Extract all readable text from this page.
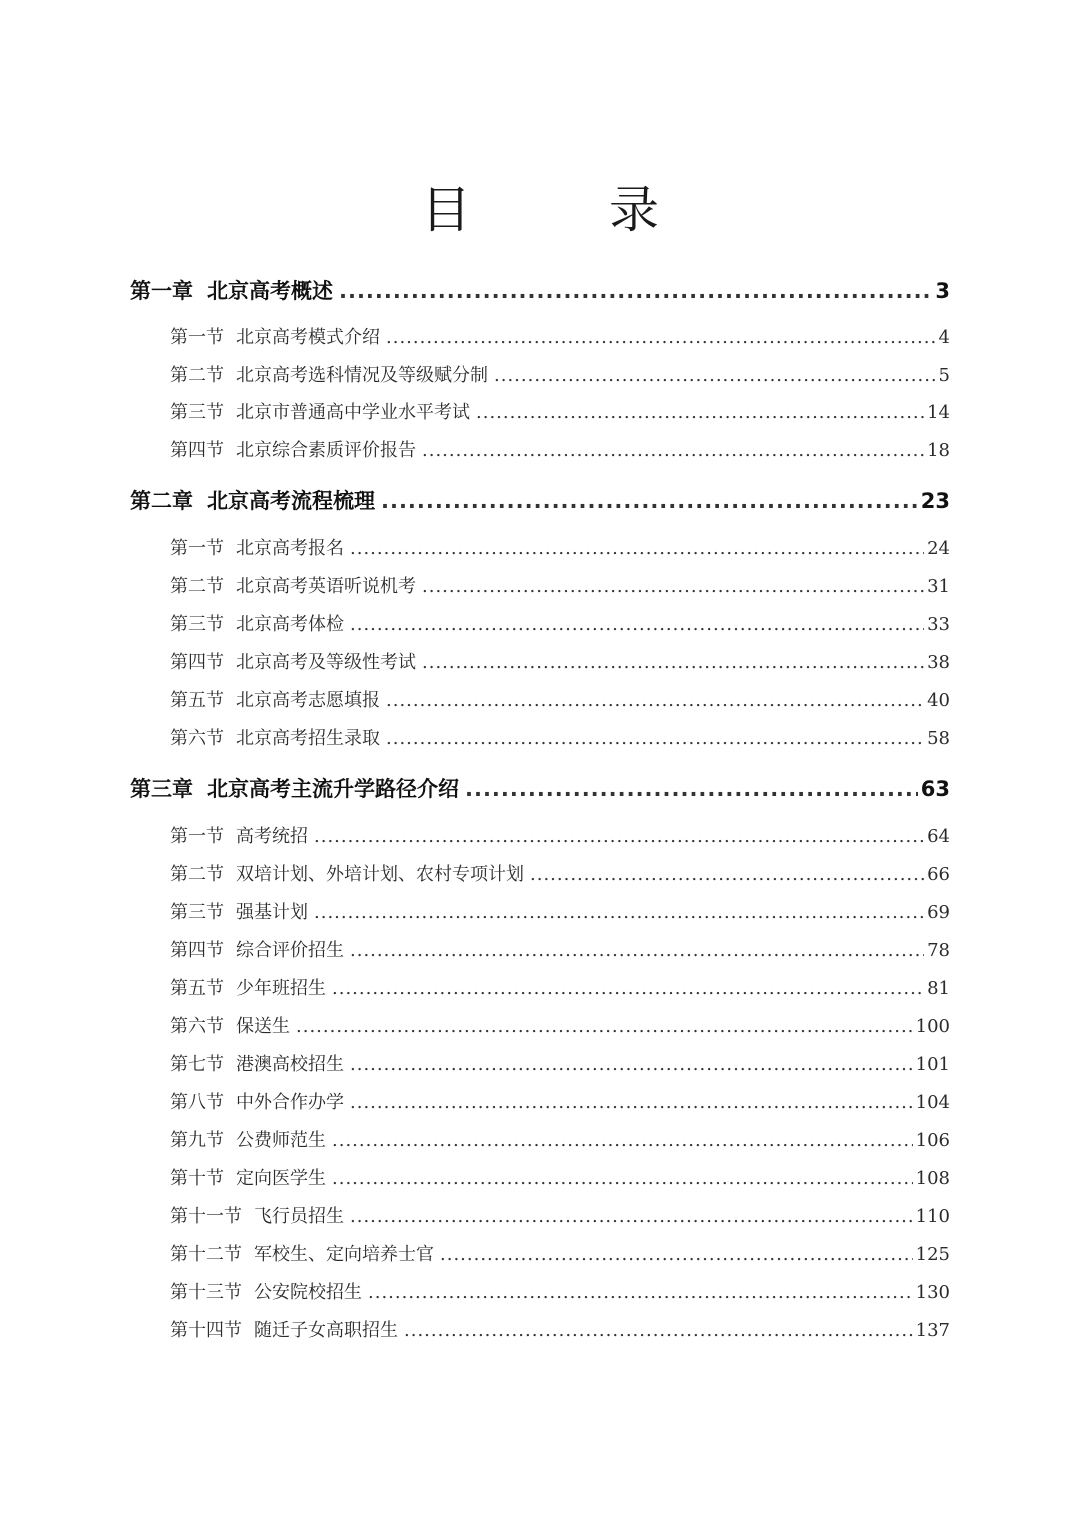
目　录
第一章 北京高考概述 .....	3
第一节 北京高考模式介绍 .....	4
第二节 北京高考选科情况及等级赋分制 .....	5
第三节 北京市普通高中学业水平考试 .....	14
第四节 北京综合素质评价报告 .....	18
第二章 北京高考流程梳理 .....	23
第一节 北京高考报名 .....	24
第二节 北京高考英语听说机考 .....	31
第三节 北京高考体检 .....	33
第四节 北京高考及等级性考试 .....	38
第五节 北京高考志愿填报 .....	40
第六节 北京高考招生录取 .....	58
第三章 北京高考主流升学路径介绍 .....	63
第一节 高考统招 .....	64
第二节 双培计划、外培计划、农村专项计划 .....	66
第三节 强基计划 .....	69
第四节 综合评价招生 .....	78
第五节 少年班招生 .....	81
第六节 保送生 .....	100
第七节 港澳高校招生 .....	101
第八节 中外合作办学 .....	104
第九节 公费师范生 .....	106
第十节 定向医学生 .....	108
第十一节 飞行员招生 .....	110
第十二节 军校生、定向培养士官 .....	125
第十三节 公安院校招生 .....	130
第十四节 随迁子女高职招生 .....	137
